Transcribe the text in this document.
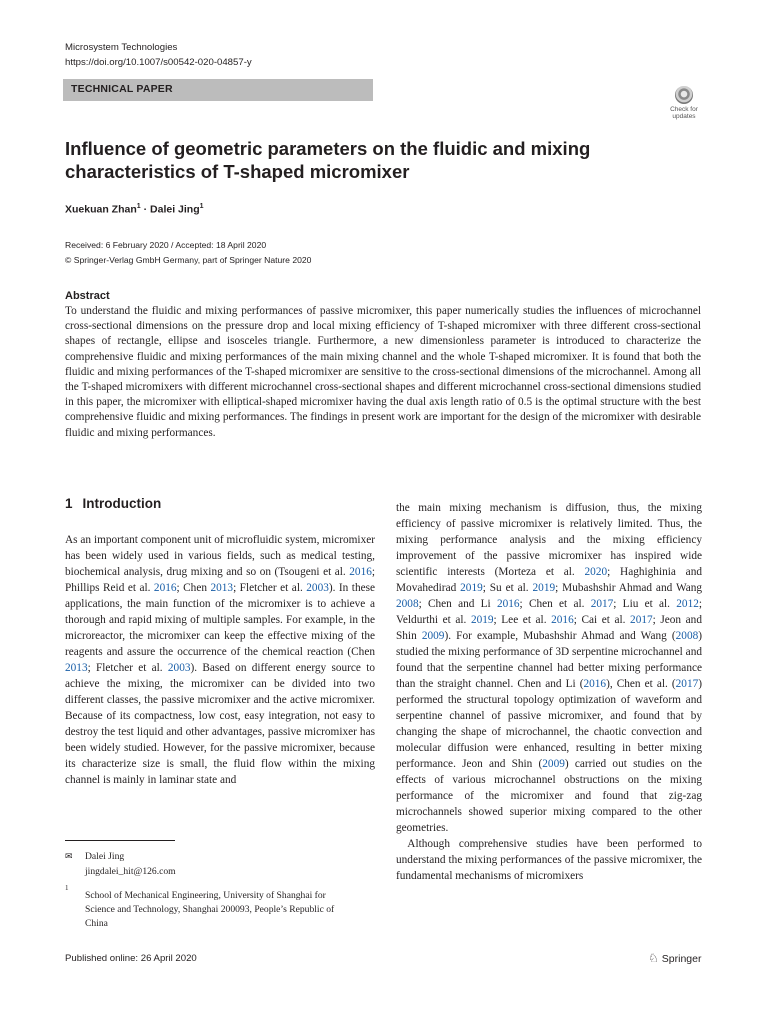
Microsystem Technologies
https://doi.org/10.1007/s00542-020-04857-y
TECHNICAL PAPER
Check for updates
Influence of geometric parameters on the fluidic and mixing characteristics of T-shaped micromixer
Xuekuan Zhan$^1$ · Dalei Jing$^1$
Received: 6 February 2020 / Accepted: 18 April 2020
© Springer-Verlag GmbH Germany, part of Springer Nature 2020
Abstract
To understand the fluidic and mixing performances of passive micromixer, this paper numerically studies the influences of microchannel cross-sectional dimensions on the pressure drop and local mixing efficiency of T-shaped micromixer with three different cross-sectional shapes of rectangle, ellipse and isosceles triangle. Furthermore, a new dimensionless parameter is introduced to characterize the comprehensive fluidic and mixing performances of the main mixing channel and the whole T-shaped micromixer. It is found that both the fluidic and mixing performances of the T-shaped micromixer are sensitive to the cross-sectional dimensions of the microchannel. Among all the T-shaped micromixers with different microchannel cross-sectional shapes and different microchannel cross-sectional dimensions studied in this paper, the micromixer with elliptical-shaped micromixer having the dual axis length ratio of 0.5 is the optimal structure with the best comprehensive fluidic and mixing performances. The findings in present work are important for the design of the micromixer with desirable fluidic and mixing performances.
1 Introduction
As an important component unit of microfluidic system, micromixer has been widely used in various fields, such as medical testing, biochemical analysis, drug mixing and so on (Tsougeni et al. 2016; Phillips Reid et al. 2016; Chen 2013; Fletcher et al. 2003). In these applications, the main function of the micromixer is to achieve a thorough and rapid mixing of multiple samples. For example, in the microreactor, the micromixer can keep the effective mixing of the reagents and assure the occurrence of the chemical reaction (Chen 2013; Fletcher et al. 2003). Based on different energy source to achieve the mixing, the micromixer can be divided into two different classes, the passive micromixer and the active micromixer. Because of its compactness, low cost, easy integration, not easy to destroy the test liquid and other advantages, passive micromixer has been widely studied. However, for the passive micromixer, because its characterize size is small, the fluid flow within the mixing channel is mainly in laminar state and
the main mixing mechanism is diffusion, thus, the mixing efficiency of passive micromixer is relatively limited. Thus, the mixing performance analysis and the mixing efficiency improvement of the passive micromixer has inspired wide scientific interests (Morteza et al. 2020; Haghighinia and Movahedirad 2019; Su et al. 2019; Mubashshir Ahmad and Wang 2008; Chen and Li 2016; Chen et al. 2017; Liu et al. 2012; Veldurthi et al. 2019; Lee et al. 2016; Cai et al. 2017; Jeon and Shin 2009). For example, Mubashshir Ahmad and Wang (2008) studied the mixing performance of 3D serpentine microchannel and found that the serpentine channel had better mixing performance than the straight channel. Chen and Li (2016), Chen et al. (2017) performed the structural topology optimization of waveform and serpentine channel of passive micromixer, and found that by changing the shape of microchannel, the chaotic convection and molecular diffusion were enhanced, resulting in better mixing performance. Jeon and Shin (2009) carried out studies on the effects of various microchannel obstructions on the mixing performance of the micromixer and found that zig-zag microchannels showed superior mixing compared to the other geometries.
 Although comprehensive studies have been performed to understand the mixing performances of the passive micromixer, the fundamental mechanisms of micromixers
✉ Dalei Jing
jingdalei_hit@126.com
1
School of Mechanical Engineering, University of Shanghai for Science and Technology, Shanghai 200093, People’s Republic of China
Published online: 26 April 2020	♘ Springer
